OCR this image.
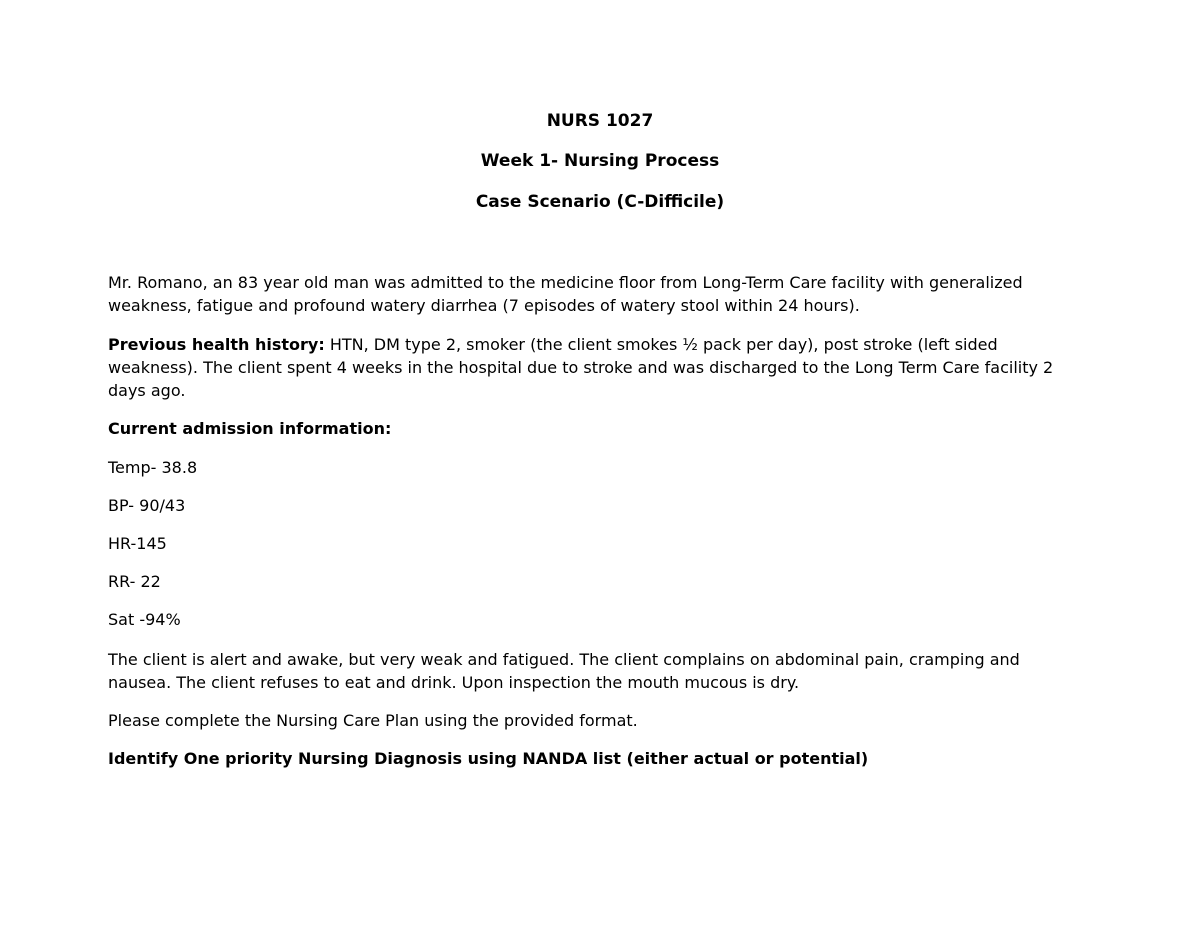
NURS 1027

Week 1- Nursing Process

Case Scenario (C-Difficile)

Mr. Romano, an 83 year old man was admitted to the medicine floor from Long-Term Care facility with generalized weakness, fatigue and profound watery diarrhea (7 episodes of watery stool within 24 hours).

Previous health history: HTN, DM type 2, smoker (the client smokes ½ pack per day), post stroke (left sided weakness). The client spent 4 weeks in the hospital due to stroke and was discharged to the Long Term Care facility 2 days ago.

Current admission information:

Temp- 38.8

BP- 90/43

HR-145

RR- 22

Sat -94%

The client is alert and awake, but very weak and fatigued. The client complains on abdominal pain, cramping and nausea. The client refuses to eat and drink. Upon inspection the mouth mucous is dry.

Please complete the Nursing Care Plan using the provided format.

Identify One priority Nursing Diagnosis using NANDA list (either actual or potential)
